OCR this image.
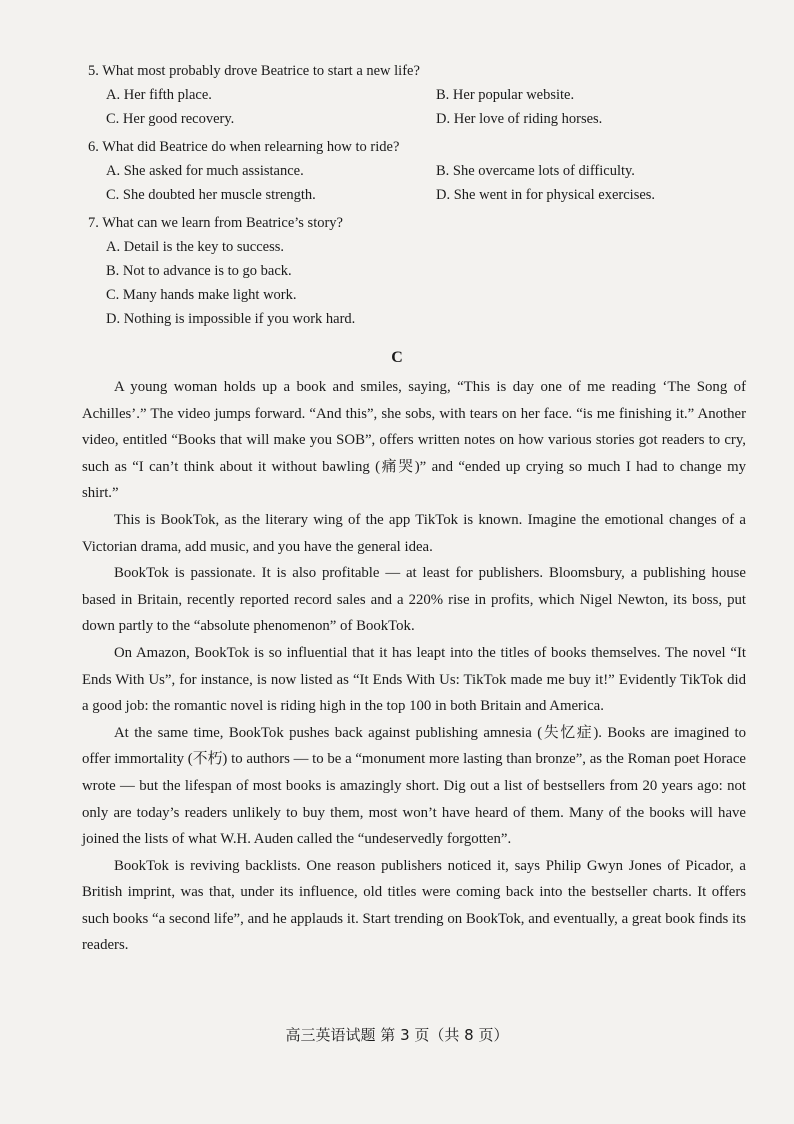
5. What most probably drove Beatrice to start a new life?

A. Her fifth place.	B. Her popular website.

C. Her good recovery.	D. Her love of riding horses.

6. What did Beatrice do when relearning how to ride?

A. She asked for much assistance.	B. She overcame lots of difficulty.

C. She doubted her muscle strength.	D. She went in for physical exercises.

7. What can we learn from Beatrice’s story?

A. Detail is the key to success.

B. Not to advance is to go back.

C. Many hands make light work.

D. Nothing is impossible if you work hard.

C

A young woman holds up a book and smiles, saying, “This is day one of me reading ‘The Song of Achilles’.” The video jumps forward. “And this”, she sobs, with tears on her face. “is me finishing it.” Another video, entitled “Books that will make you SOB”, offers written notes on how various stories got readers to cry, such as “I can’t think about it without bawling (痛哭)” and “ended up crying so much I had to change my shirt.”

This is BookTok, as the literary wing of the app TikTok is known. Imagine the emotional changes of a Victorian drama, add music, and you have the general idea.

BookTok is passionate. It is also profitable — at least for publishers. Bloomsbury, a publishing house based in Britain, recently reported record sales and a 220% rise in profits, which Nigel Newton, its boss, put down partly to the “absolute phenomenon” of BookTok.

On Amazon, BookTok is so influential that it has leapt into the titles of books themselves. The novel “It Ends With Us”, for instance, is now listed as “It Ends With Us: TikTok made me buy it!” Evidently TikTok did a good job: the romantic novel is riding high in the top 100 in both Britain and America.

At the same time, BookTok pushes back against publishing amnesia (失忆症). Books are imagined to offer immortality (不朽) to authors — to be a “monument more lasting than bronze”, as the Roman poet Horace wrote — but the lifespan of most books is amazingly short. Dig out a list of bestsellers from 20 years ago: not only are today’s readers unlikely to buy them, most won’t have heard of them. Many of the books will have joined the lists of what W.H. Auden called the “undeservedly forgotten”.

BookTok is reviving backlists. One reason publishers noticed it, says Philip Gwyn Jones of Picador, a British imprint, was that, under its influence, old titles were coming back into the bestseller charts. It offers such books “a second life”, and he applauds it. Start trending on BookTok, and eventually, a great book finds its readers.

高三英语试题 第 3 页（共 8 页）
